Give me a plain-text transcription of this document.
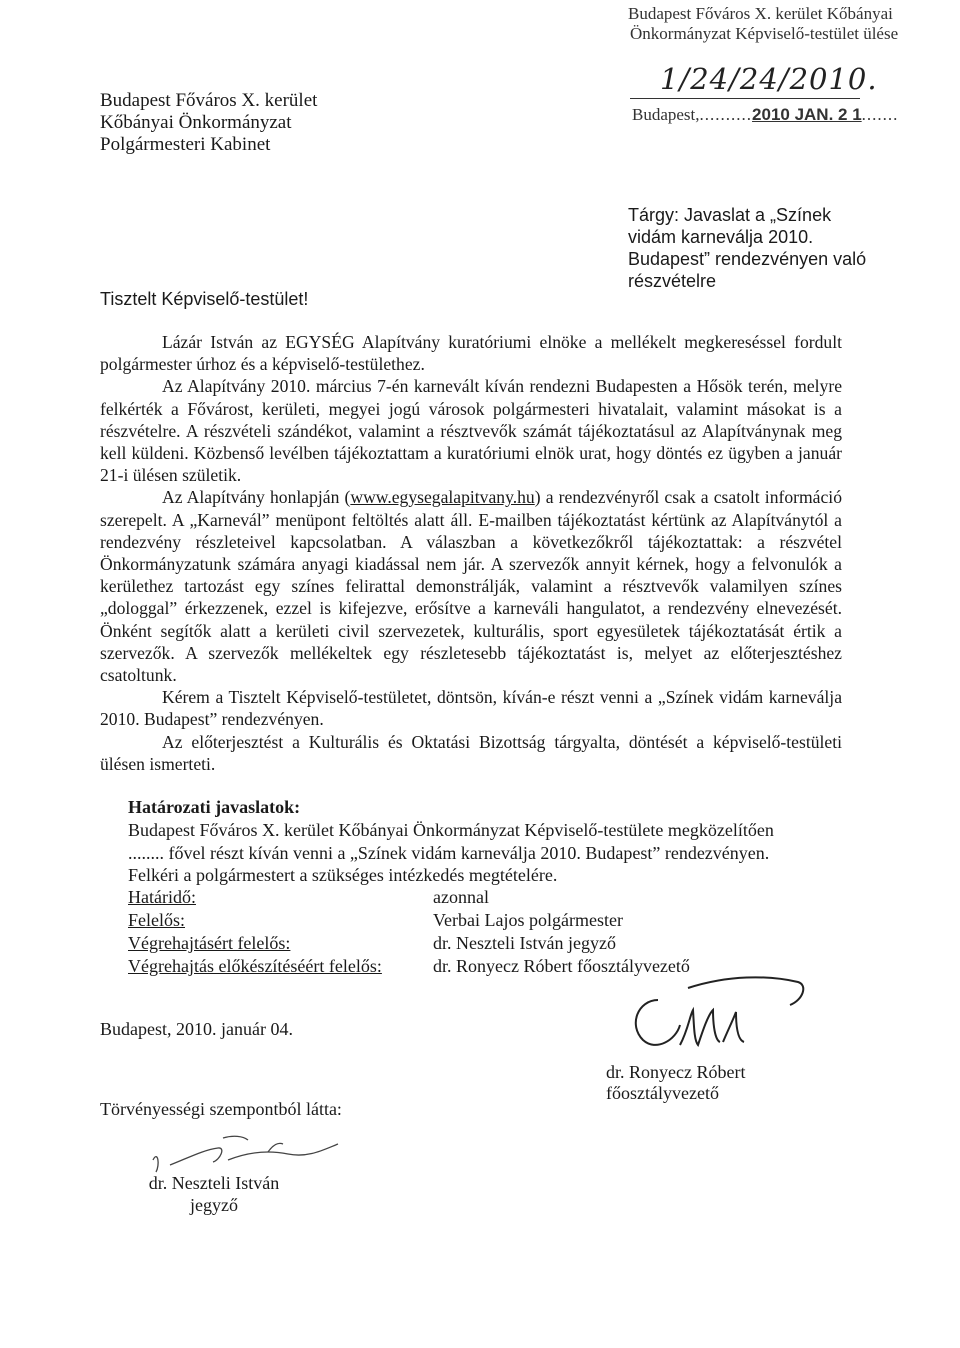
Budapest Főváros X. kerület
Kőbányai Önkormányzat
Polgármesteri Kabinet
Budapest Főváros X. kerület Kőbányai
Önkormányzat Képviselő-testület ülése
1/24/24/2010.
Budapest,..........2010 JAN. 2 1.......
Tárgy: Javaslat a „Színek vidám karneválja 2010. Budapest” rendezvényen való részvételre
Tisztelt Képviselő-testület!

Lázár István az EGYSÉG Alapítvány kuratóriumi elnöke a mellékelt megkereséssel fordult polgármester úrhoz és a képviselő-testülethez.

Az Alapítvány 2010. március 7-én karnevált kíván rendezni Budapesten a Hősök terén, melyre felkérték a Fővárost, kerületi, megyei jogú városok polgármesteri hivatalait, valamint másokat is a részvételre. A részvételi szándékot, valamint a résztvevők számát tájékoztatásul az Alapítványnak meg kell küldeni. Közbenső levélben tájékoztattam a kuratóriumi elnök urat, hogy döntés ez ügyben a január 21-i ülésen születik.

Az Alapítvány honlapján (www.egysegalapitvany.hu) a rendezvényről csak a csatolt információ szerepelt. A „Karnevál” menüpont feltöltés alatt áll. E-mailben tájékoztatást kértünk az Alapítványtól a rendezvény részleteivel kapcsolatban. A válaszban a következőkről tájékoztattak: a részvétel Önkormányzatunk számára anyagi kiadással nem jár. A szervezők annyit kérnek, hogy a felvonulók a kerülethez tartozást egy színes felirattal demonstrálják, valamint a résztvevők valamilyen színes „dologgal” érkezzenek, ezzel is kifejezve, erősítve a karneváli hangulatot, a rendezvény elnevezését. Önként segítők alatt a kerületi civil szervezetek, kulturális, sport egyesületek tájékoztatását értik a szervezők. A szervezők mellékeltek egy részletesebb tájékoztatást is, melyet az előterjesztéshez csatoltunk.

Kérem a Tisztelt Képviselő-testületet, döntsön, kíván-e részt venni a „Színek vidám karneválja 2010. Budapest” rendezvényen.

Az előterjesztést a Kulturális és Oktatási Bizottság tárgyalta, döntését a képviselő-testületi ülésen ismerteti.

Határozati javaslatok:

Budapest Főváros X. kerület Kőbányai Önkormányzat Képviselő-testülete megközelítően

........ fővel részt kíván venni a „Színek vidám karneválja 2010. Budapest” rendezvényen.

Felkéri a polgármestert a szükséges intézkedés megtételére.

Határidő:	azonnal
Felelős:	Verbai Lajos polgármester
Végrehajtásért felelős:	dr. Neszteli István jegyző
Végrehajtás előkészítéséért felelős:	dr. Ronyecz Róbert főosztályvezető
Budapest, 2010. január 04.
dr. Ronyecz Róbert
főosztályvezető
Törvényességi szempontból látta:
dr. Neszteli István
jegyző
